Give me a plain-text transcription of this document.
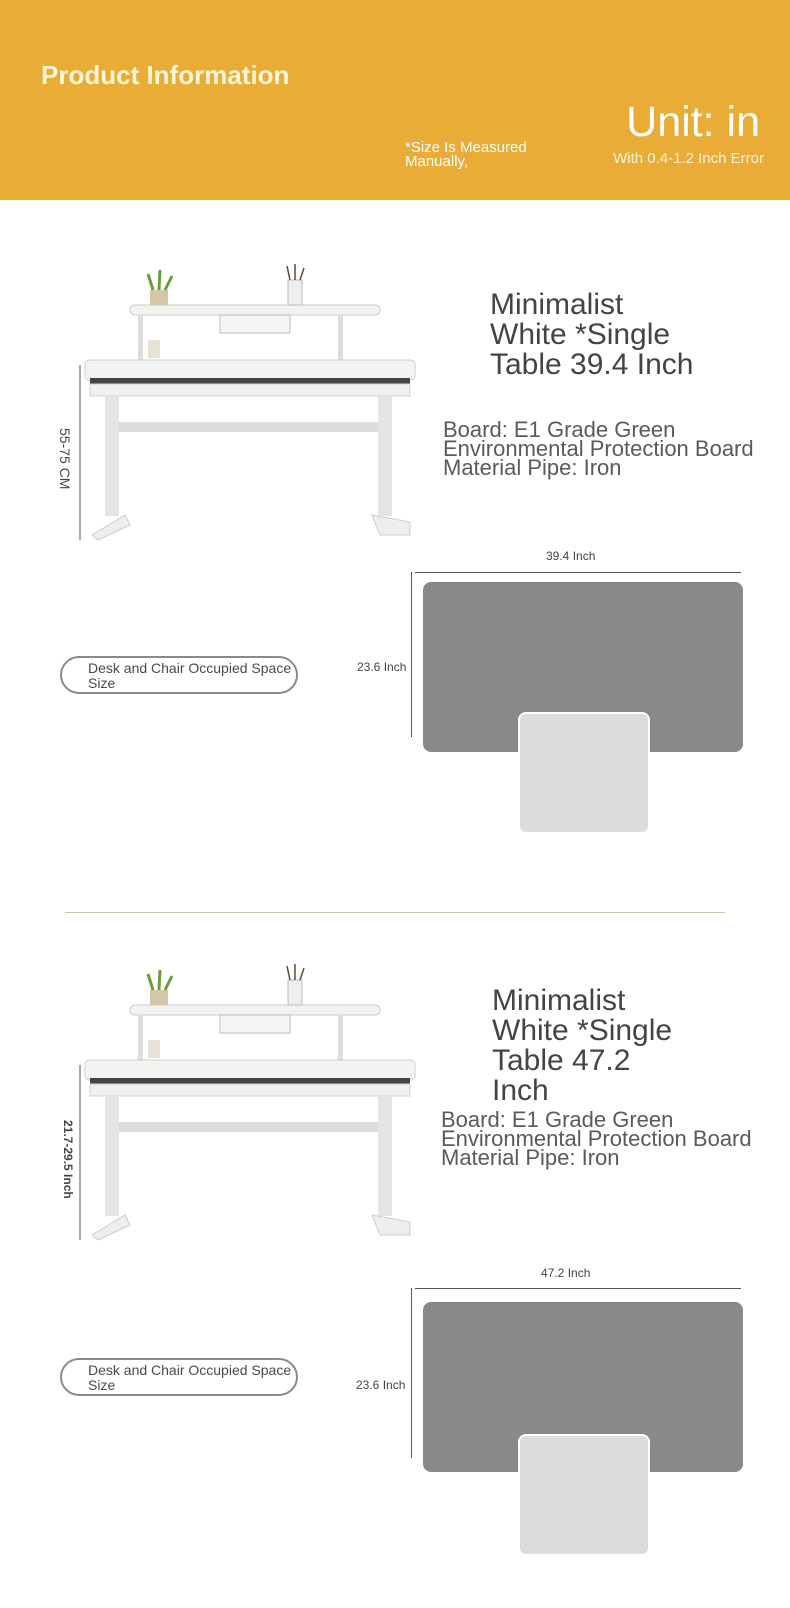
Product Information
*Size Is Measured Manually,
Unit: in
With 0.4-1.2 Inch Error
55-75 CM
Minimalist
White *Single
Table 39.4 Inch
Board: E1 Grade Green Environmental Protection Board Material Pipe: Iron
39.4 Inch
23.6 Inch
Desk and Chair Occupied Space Size
21.7-29.5 Inch
Minimalist
White *Single
Table 47.2
Inch
Board: E1 Grade Green Environmental Protection Board Material Pipe: Iron
47.2 Inch
23.6 Inch
Desk and Chair Occupied Space Size
